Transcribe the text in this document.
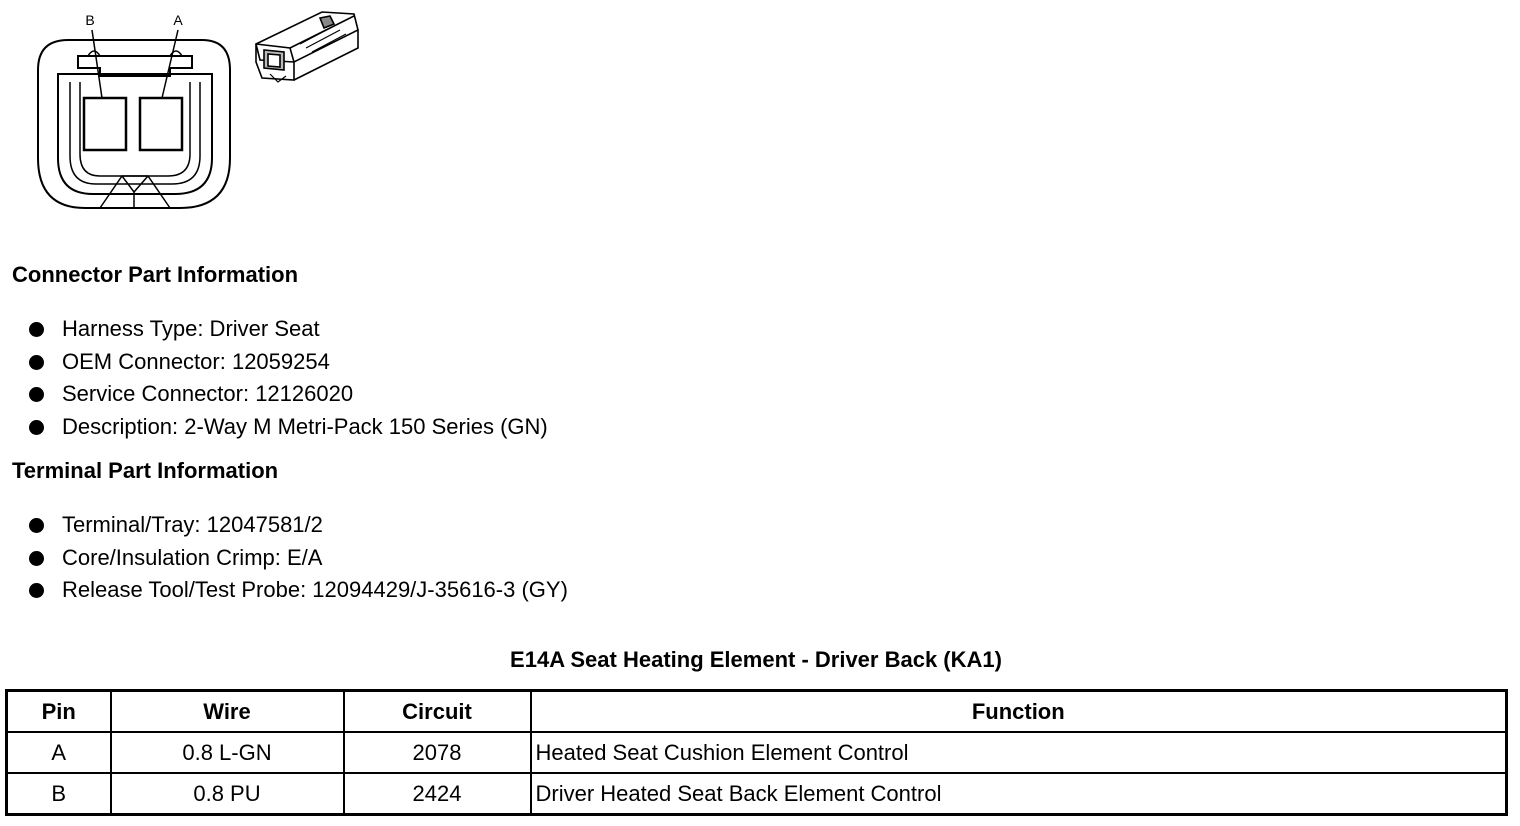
B	A
Connector Part Information
Harness Type: Driver Seat
OEM Connector: 12059254
Service Connector: 12126020
Description: 2-Way M Metri-Pack 150 Series (GN)
Terminal Part Information
Terminal/Tray: 12047581/2
Core/Insulation Crimp: E/A
Release Tool/Test Probe: 12094429/J-35616-3 (GY)
E14A Seat Heating Element - Driver Back (KA1)
Pin	Wire	Circuit	Function
A	0.8 L-GN	2078	Heated Seat Cushion Element Control
B	0.8 PU	2424	Driver Heated Seat Back Element Control
